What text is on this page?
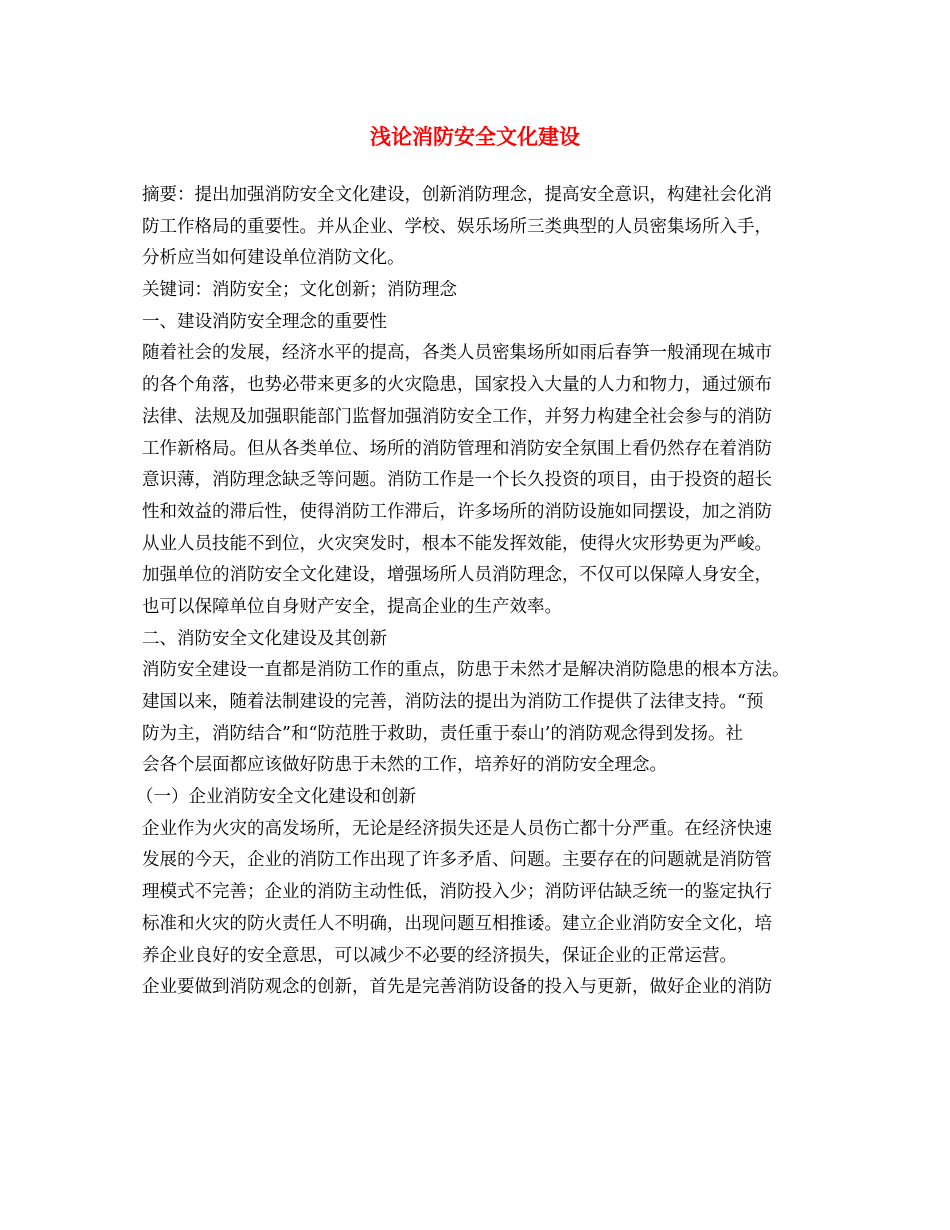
浅论消防安全文化建设
摘要：提出加强消防安全文化建设，创新消防理念，提高安全意识，构建社会化消
防工作格局的重要性。并从企业、学校、娱乐场所三类典型的人员密集场所入手，
分析应当如何建设单位消防文化。
关键词：消防安全；文化创新；消防理念
一、建设消防安全理念的重要性
随着社会的发展，经济水平的提高，各类人员密集场所如雨后春笋一般涌现在城市
的各个角落，也势必带来更多的火灾隐患，国家投入大量的人力和物力，通过颁布
法律、法规及加强职能部门监督加强消防安全工作，并努力构建全社会参与的消防
工作新格局。但从各类单位、场所的消防管理和消防安全氛围上看仍然存在着消防
意识薄，消防理念缺乏等问题。消防工作是一个长久投资的项目，由于投资的超长
性和效益的滞后性，使得消防工作滞后，许多场所的消防设施如同摆设，加之消防
从业人员技能不到位，火灾突发时，根本不能发挥效能，使得火灾形势更为严峻。
加强单位的消防安全文化建设，增强场所人员消防理念，不仅可以保障人身安全，
也可以保障单位自身财产安全，提高企业的生产效率。
二、消防安全文化建设及其创新
消防安全建设一直都是消防工作的重点，防患于未然才是解决消防隐患的根本方法。
建国以来，随着法制建设的完善，消防法的提出为消防工作提供了法律支持。“预
防为主，消防结合”和“防范胜于救助，责任重于泰山’的消防观念得到发扬。社
会各个层面都应该做好防患于未然的工作，培养好的消防安全理念。
（一）企业消防安全文化建设和创新
企业作为火灾的高发场所，无论是经济损失还是人员伤亡都十分严重。在经济快速
发展的今天，企业的消防工作出现了许多矛盾、问题。主要存在的问题就是消防管
理模式不完善；企业的消防主动性低，消防投入少；消防评估缺乏统一的鉴定执行
标准和火灾的防火责任人不明确，出现问题互相推诿。建立企业消防安全文化，培
养企业良好的安全意思，可以减少不必要的经济损失，保证企业的正常运营。
企业要做到消防观念的创新，首先是完善消防设备的投入与更新，做好企业的消防
